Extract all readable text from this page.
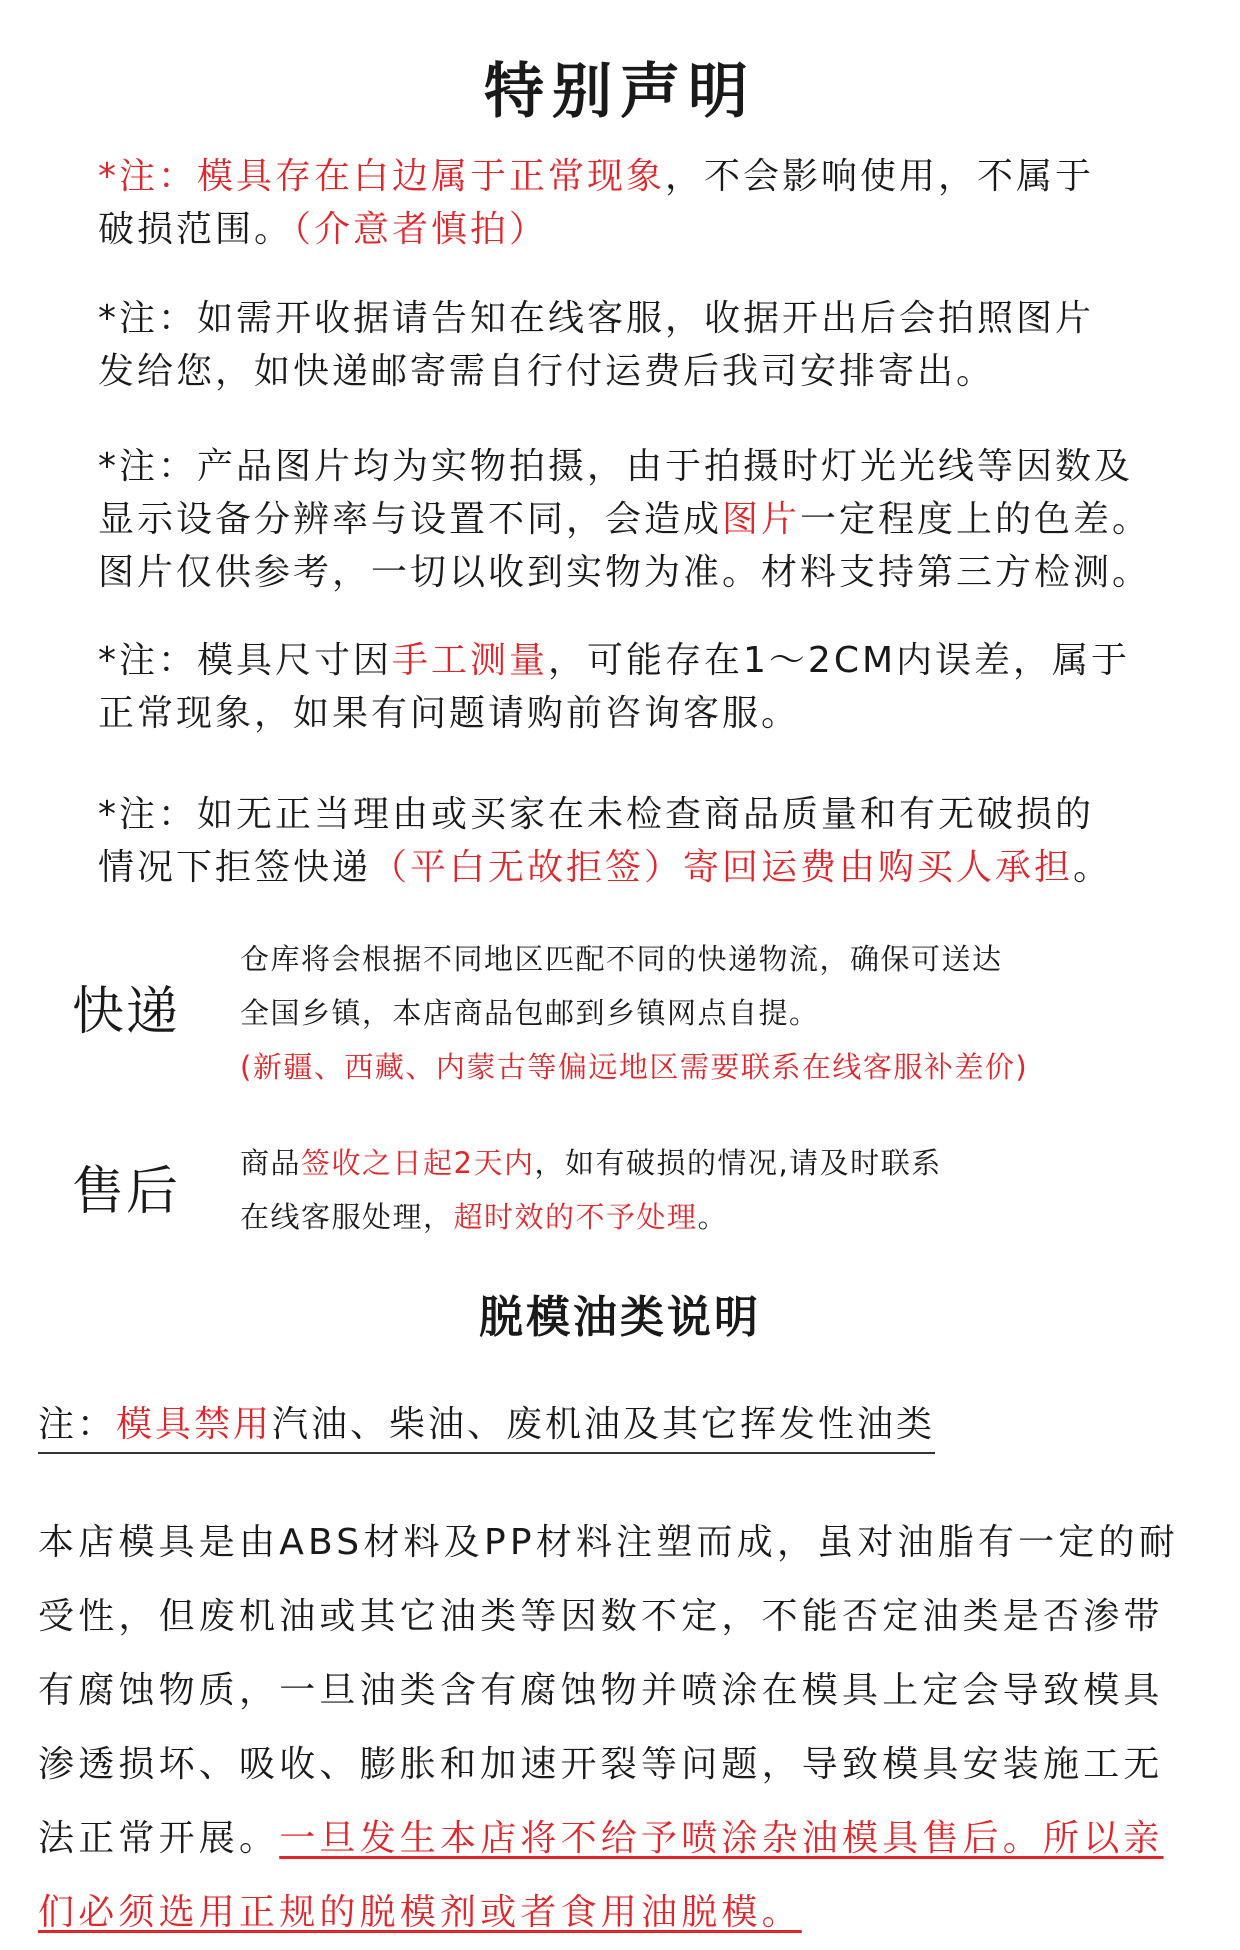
特别声明
*注：模具存在白边属于正常现象，不会影响使用，不属于
破损范围。（介意者慎拍）
*注：如需开收据请告知在线客服，收据开出后会拍照图片
发给您，如快递邮寄需自行付运费后我司安排寄出。
*注：产品图片均为实物拍摄，由于拍摄时灯光光线等因数及
显示设备分辨率与设置不同，会造成图片一定程度上的色差。
图片仅供参考，一切以收到实物为准。材料支持第三方检测。
*注：模具尺寸因手工测量，可能存在1～2CM内误差，属于
正常现象，如果有问题请购前咨询客服。
*注：如无正当理由或买家在未检查商品质量和有无破损的
情况下拒签快递（平白无故拒签）寄回运费由购买人承担。
快递
仓库将会根据不同地区匹配不同的快递物流，确保可送达
全国乡镇，本店商品包邮到乡镇网点自提。
(新疆、西藏、内蒙古等偏远地区需要联系在线客服补差价)
售后 商品签收之日起2天内，如有破损的情况,请及时联系
在线客服处理，超时效的不予处理。
脱模油类说明
注：模具禁用汽油、柴油、废机油及其它挥发性油类
本店模具是由ABS材料及PP材料注塑而成，虽对油脂有一定的耐
受性，但废机油或其它油类等因数不定，不能否定油类是否渗带
有腐蚀物质，一旦油类含有腐蚀物并喷涂在模具上定会导致模具
渗透损坏、吸收、膨胀和加速开裂等问题，导致模具安装施工无
法正常开展。一旦发生本店将不给予喷涂杂油模具售后。所以亲
们必须选用正规的脱模剂或者食用油脱模。
